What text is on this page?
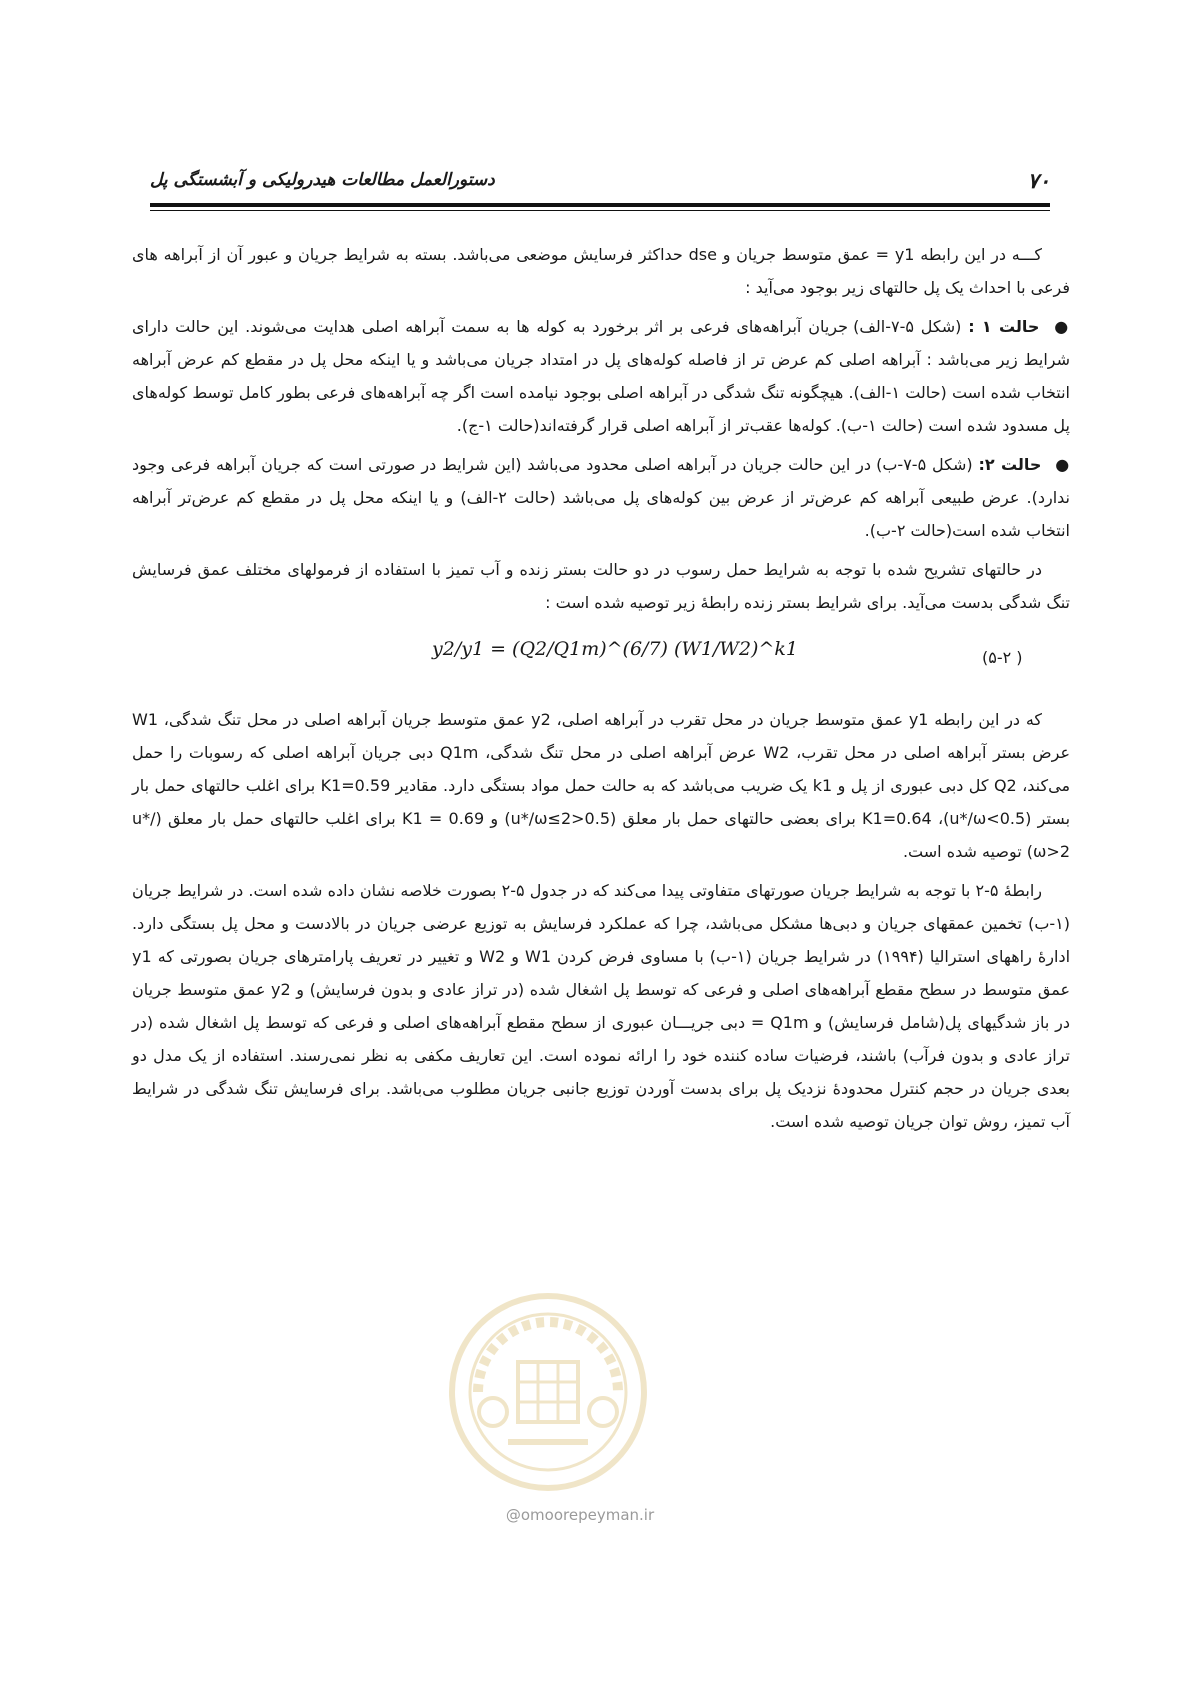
۷۰
دستورالعمل مطالعات هیدرولیکی و آبشستگی پل

کـــه در این رابطه y1 = عمق متوسط جریان و dse حداکثر فرسایش موضعی می‌باشد. بسته به شرایط جریان و عبور آن از آبراهه های فرعی با احداث یک پل حالتهای زیر بوجود می‌آید :

● حالت ۱ : (شکل ۵-۷-الف) جریان آبراهه‌های فرعی بر اثر برخورد به کوله ها به سمت آبراهه اصلی هدایت می‌شوند. این حالت دارای شرایط زیر می‌باشد : آبراهه اصلی کم عرض تر از فاصله کوله‌های پل در امتداد جریان می‌باشد و یا اینکه محل پل در مقطع کم عرض آبراهه انتخاب شده است (حالت ۱-الف). هیچگونه تنگ شدگی در آبراهه اصلی بوجود نیامده است اگر چه آبراهه‌های فرعی بطور کامل توسط کوله‌های پل مسدود شده است (حالت ۱-ب). کوله‌ها عقب‌تر از آبراهه اصلی قرار گرفته‌اند(حالت ۱-ج).

● حالت ۲: (شکل ۵-۷-ب) در این حالت جریان در آبراهه اصلی محدود می‌باشد (این شرایط در صورتی است که جریان آبراهه فرعی وجود ندارد). عرض طبیعی آبراهه کم عرض‌تر از عرض بین کوله‌های پل می‌باشد (حالت ۲-الف) و یا اینکه محل پل در مقطع کم عرض‌تر آبراهه انتخاب شده است(حالت ۲-ب).

در حالتهای تشریح شده با توجه به شرایط حمل رسوب در دو حالت بستر زنده و آب تمیز با استفاده از فرمولهای مختلف عمق فرسایش تنگ شدگی بدست می‌آید. برای شرایط بستر زنده رابطهٔ زیر توصیه شده است :

y2/y1 = (Q2/Q1m)^(6/7) (W1/W2)^k1	( ۵-۲)

که در این رابطه y1 عمق متوسط جریان در محل تقرب در آبراهه اصلی، y2 عمق متوسط جریان آبراهه اصلی در محل تنگ شدگی، W1 عرض بستر آبراهه اصلی در محل تقرب، W2 عرض آبراهه اصلی در محل تنگ شدگی، Q1m دبی جریان آبراهه اصلی که رسوبات را حمل می‌کند، Q2 کل دبی عبوری از پل و k1 یک ضریب می‌باشد که به حالت حمل مواد بستگی دارد. مقادیر K1=0.59 برای اغلب حالتهای حمل بار بستر (u*/ω<0.5)، K1=0.64 برای بعضی حالتهای حمل بار معلق (0.5<u*/ω≤2) و K1 = 0.69 برای اغلب حالتهای حمل بار معلق (u*/ω>2) توصیه شده است.

رابطهٔ ۵-۲ با توجه به شرایط جریان صورتهای متفاوتی پیدا می‌کند که در جدول ۵-۲ بصورت خلاصه نشان داده شده است. در شرایط جریان (۱-ب) تخمین عمقهای جریان و دبی‌ها مشکل می‌باشد، چرا که عملکرد فرسایش به توزیع عرضی جریان در بالادست و محل پل بستگی دارد. ادارهٔ راههای استرالیا (۱۹۹۴) در شرایط جریان (۱-ب) با مساوی فرض کردن W1 و W2 و تغییر در تعریف پارامترهای جریان بصورتی که y1 عمق متوسط در سطح مقطع آبراهه‌های اصلی و فرعی که توسط پل اشغال شده (در تراز عادی و بدون فرسایش) و y2 عمق متوسط جریان در باز شدگیهای پل(شامل فرسایش) و Q1m = دبی جریـــان عبوری از سطح مقطع آبراهه‌های اصلی و فرعی که توسط پل اشغال شده (در تراز عادی و بدون فرآب) باشند، فرضیات ساده کننده خود را ارائه نموده است. این تعاریف مکفی به نظر نمی‌رسند. استفاده از یک مدل دو بعدی جریان در حجم کنترل محدودهٔ نزدیک پل برای بدست آوردن توزیع جانبی جریان مطلوب می‌باشد. برای فرسایش تنگ شدگی در شرایط آب تمیز، روش توان جریان توصیه شده است.

@omoorepeyman.ir
